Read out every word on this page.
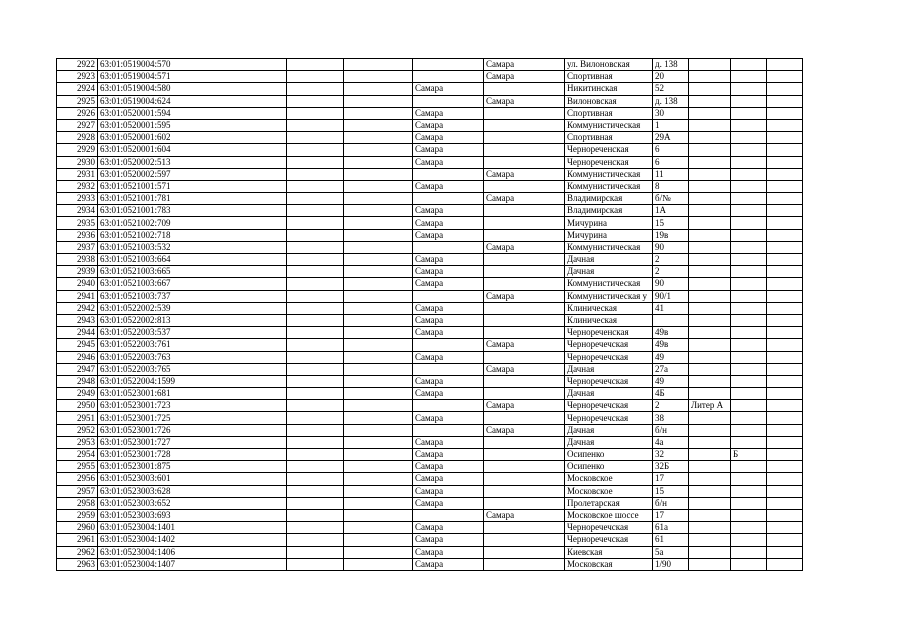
2922	63:01:0519004:570				Самара	ул. Вилоновская	д. 138			
2923	63:01:0519004:571				Самара	Спортивная	20			
2924	63:01:0519004:580			Самара		Никитинская	52			
2925	63:01:0519004:624				Самара	Вилоновская	д. 138			
2926	63:01:0520001:594			Самара		Спортивная	30			
2927	63:01:0520001:595			Самара		Коммунистическая	1			
2928	63:01:0520001:602			Самара		Спортивная	29А			
2929	63:01:0520001:604			Самара		Чернореченская	6			
2930	63:01:0520002:513			Самара		Чернореченская	6			
2931	63:01:0520002:597				Самара	Коммунистическая	11			
2932	63:01:0521001:571			Самара		Коммунистическая	8			
2933	63:01:0521001:781				Самара	Владимирская	б/№			
2934	63:01:0521001:783			Самара		Владимирская	1А			
2935	63:01:0521002:709			Самара		Мичурина	15			
2936	63:01:0521002:718			Самара		Мичурина	19в			
2937	63:01:0521003:532				Самара	Коммунистическая	90			
2938	63:01:0521003:664			Самара		Дачная	2			
2939	63:01:0521003:665			Самара		Дачная	2			
2940	63:01:0521003:667			Самара		Коммунистическая	90			
2941	63:01:0521003:737				Самара	Коммунистическая у	90/1			
2942	63:01:0522002:539			Самара		Клиническая	41			
2943	63:01:0522002:813			Самара		Клиническая				
2944	63:01:0522003:537			Самара		Чернореченская	49в			
2945	63:01:0522003:761				Самара	Черноречечская	49в			
2946	63:01:0522003:763			Самара		Черноречечская	49			
2947	63:01:0522003:765				Самара	Дачная	27а			
2948	63:01:0522004:1599			Самара		Черноречечская	49			
2949	63:01:0523001:681			Самара		Дачная	4Б			
2950	63:01:0523001:723				Самара	Черноречечская	2	Литер А		
2951	63:01:0523001:725			Самара		Черноречечская	38			
2952	63:01:0523001:726				Самара	Дачная	б/н			
2953	63:01:0523001:727			Самара		Дачная	4а			
2954	63:01:0523001:728			Самара		Осипенко	32		Б	
2955	63:01:0523001:875			Самара		Осипенко	32Б			
2956	63:01:0523003:601			Самара		Московское	17			
2957	63:01:0523003:628			Самара		Московское	15			
2958	63:01:0523003:652			Самара		Пролетарская	б/н			
2959	63:01:0523003:693				Самара	Московское шоссе	17			
2960	63:01:0523004:1401			Самара		Черноречечская	61а			
2961	63:01:0523004:1402			Самара		Черноречечская	61			
2962	63:01:0523004:1406			Самара		Киевская	5а			
2963	63:01:0523004:1407			Самара		Московская	1/90			
